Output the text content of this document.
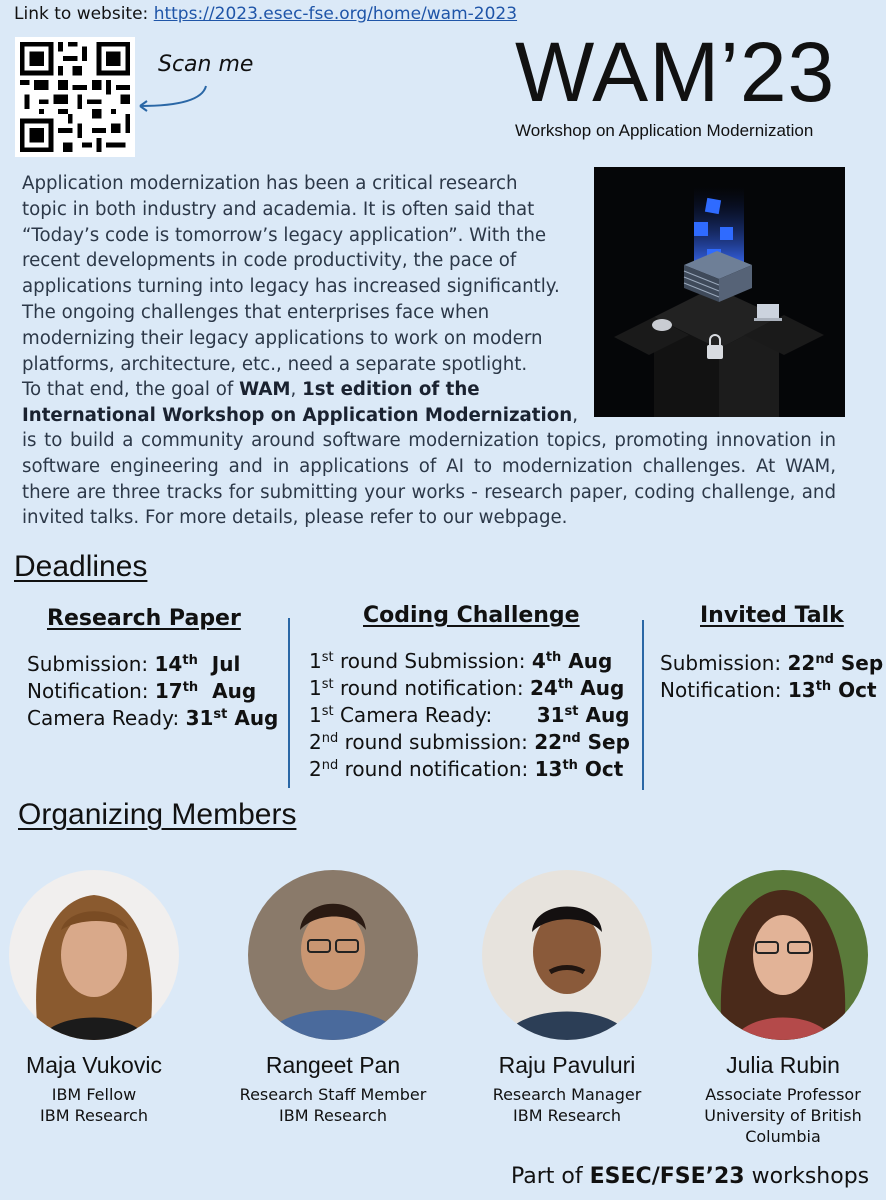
Link to website: https://2023.esec-fse.org/home/wam-2023
Scan me	WAM’23
Workshop on Application Modernization
Application modernization has been a critical research
topic in both industry and academia. It is often said that
“Today’s code is tomorrow’s legacy application”. With the
recent developments in code productivity, the pace of
applications turning into legacy has increased significantly.
The ongoing challenges that enterprises face when
modernizing their legacy applications to work on modern
platforms, architecture, etc., need a separate spotlight.
To that end, the goal of WAM, 1st edition of the
International Workshop on Application Modernization,
is to build a community around software modernization topics, promoting innovation in software engineering and in applications of AI to modernization challenges. At WAM, there are three tracks for submitting your works - research paper, coding challenge, and invited talks. For more details, please refer to our webpage.
Deadlines
Research Paper
Submission: 14th Jul
Notification: 17th Aug
Camera Ready: 31st Aug
Coding Challenge
1st round Submission: 4th Aug
1st round notification: 24th Aug
1st Camera Ready: 31st Aug
2nd round submission: 22nd Sep
2nd round notification: 13th Oct
Invited Talk
Submission: 22nd Sep
Notification: 13th Oct
Organizing Members
Maja Vukovic
IBM Fellow
IBM Research
Rangeet Pan
Research Staff Member
IBM Research
Raju Pavuluri
Research Manager
IBM Research
Julia Rubin
Associate Professor
University of British
Columbia
Part of ESEC/FSE’23 workshops
